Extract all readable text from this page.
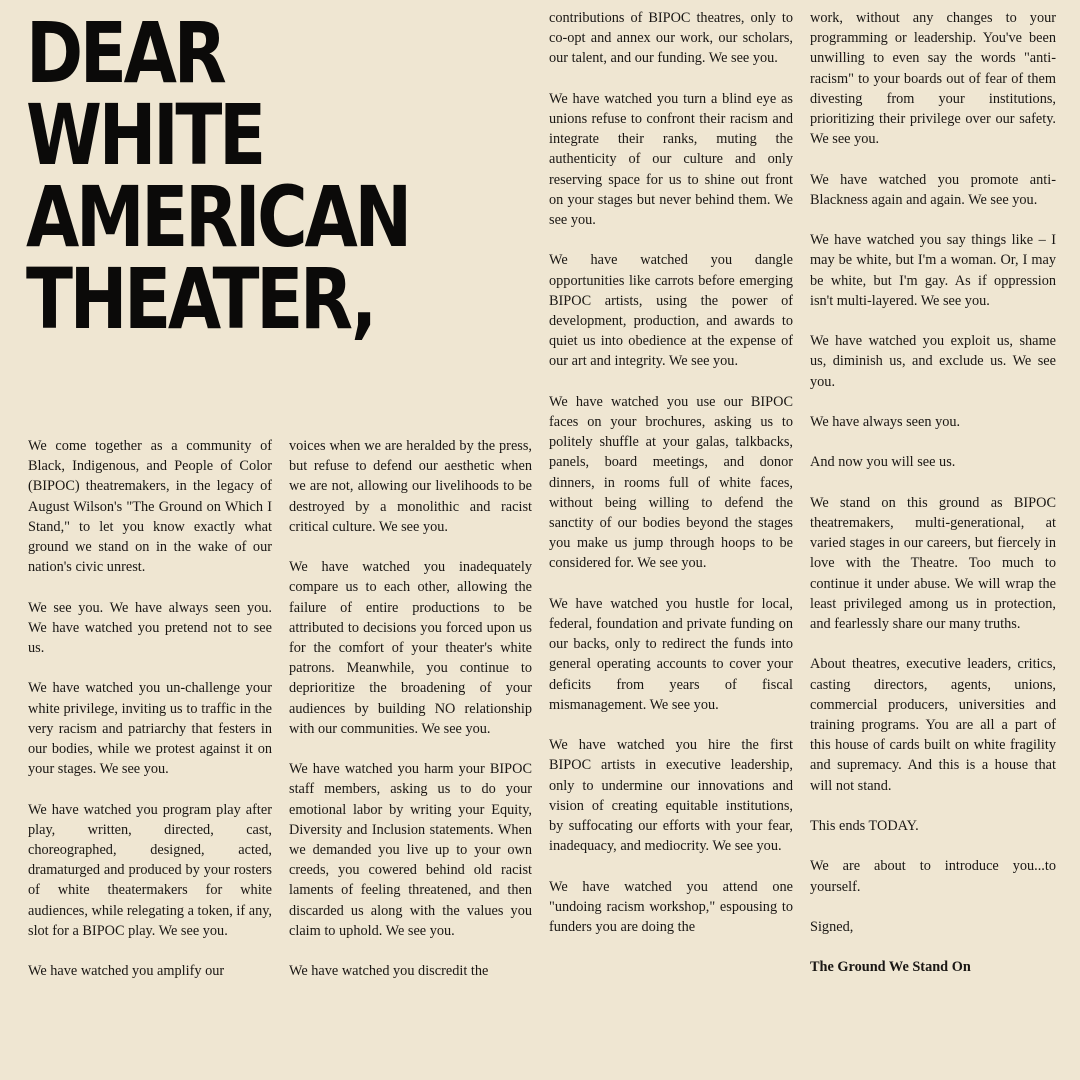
DEAR
WHITE
AMERICAN
THEATER,

We come together as a community of Black, Indigenous, and People of Color (BIPOC) theatremakers, in the legacy of August Wilson's "The Ground on Which I Stand," to let you know exactly what ground we stand on in the wake of our nation's civic unrest.

We see you. We have always seen you. We have watched you pretend not to see us.

We have watched you un-challenge your white privilege, inviting us to traffic in the very racism and patriarchy that festers in our bodies, while we protest against it on your stages. We see you.

We have watched you program play after play, written, directed, cast, choreographed, designed, acted, dramaturged and produced by your rosters of white theatermakers for white audiences, while relegating a token, if any, slot for a BIPOC play. We see you.

We have watched you amplify our

voices when we are heralded by the press, but refuse to defend our aesthetic when we are not, allowing our livelihoods to be destroyed by a monolithic and racist critical culture. We see you.

We have watched you inadequately compare us to each other, allowing the failure of entire productions to be attributed to decisions you forced upon us for the comfort of your theater's white patrons. Meanwhile, you continue to deprioritize the broadening of your audiences by building NO relationship with our communities. We see you.

We have watched you harm your BIPOC staff members, asking us to do your emotional labor by writing your Equity, Diversity and Inclusion statements. When we demanded you live up to your own creeds, you cowered behind old racist laments of feeling threatened, and then discarded us along with the values you claim to uphold. We see you.

We have watched you discredit the

contributions of BIPOC theatres, only to co-opt and annex our work, our scholars, our talent, and our funding. We see you.

We have watched you turn a blind eye as unions refuse to confront their racism and integrate their ranks, muting the authenticity of our culture and only reserving space for us to shine out front on your stages but never behind them. We see you.

We have watched you dangle opportunities like carrots before emerging BIPOC artists, using the power of development, production, and awards to quiet us into obedience at the expense of our art and integrity. We see you.

We have watched you use our BIPOC faces on your brochures, asking us to politely shuffle at your galas, talkbacks, panels, board meetings, and donor dinners, in rooms full of white faces, without being willing to defend the sanctity of our bodies beyond the stages you make us jump through hoops to be considered for. We see you.

We have watched you hustle for local, federal, foundation and private funding on our backs, only to redirect the funds into general operating accounts to cover your deficits from years of fiscal mismanagement. We see you.

We have watched you hire the first BIPOC artists in executive leadership, only to undermine our innovations and vision of creating equitable institutions, by suffocating our efforts with your fear, inadequacy, and mediocrity. We see you.

We have watched you attend one "undoing racism workshop," espousing to funders you are doing the

work, without any changes to your programming or leadership. You've been unwilling to even say the words "anti-racism" to your boards out of fear of them divesting from your institutions, prioritizing their privilege over our safety. We see you.

We have watched you promote anti-Blackness again and again. We see you.

We have watched you say things like – I may be white, but I'm a woman. Or, I may be white, but I'm gay. As if oppression isn't multi-layered. We see you.

We have watched you exploit us, shame us, diminish us, and exclude us. We see you.

We have always seen you.

And now you will see us.

We stand on this ground as BIPOC theatremakers, multi-generational, at varied stages in our careers, but fiercely in love with the Theatre. Too much to continue it under abuse. We will wrap the least privileged among us in protection, and fearlessly share our many truths.

About theatres, executive leaders, critics, casting directors, agents, unions, commercial producers, universities and training programs. You are all a part of this house of cards built on white fragility and supremacy. And this is a house that will not stand.

This ends TODAY.

We are about to introduce you...to yourself.

Signed,

The Ground We Stand On
